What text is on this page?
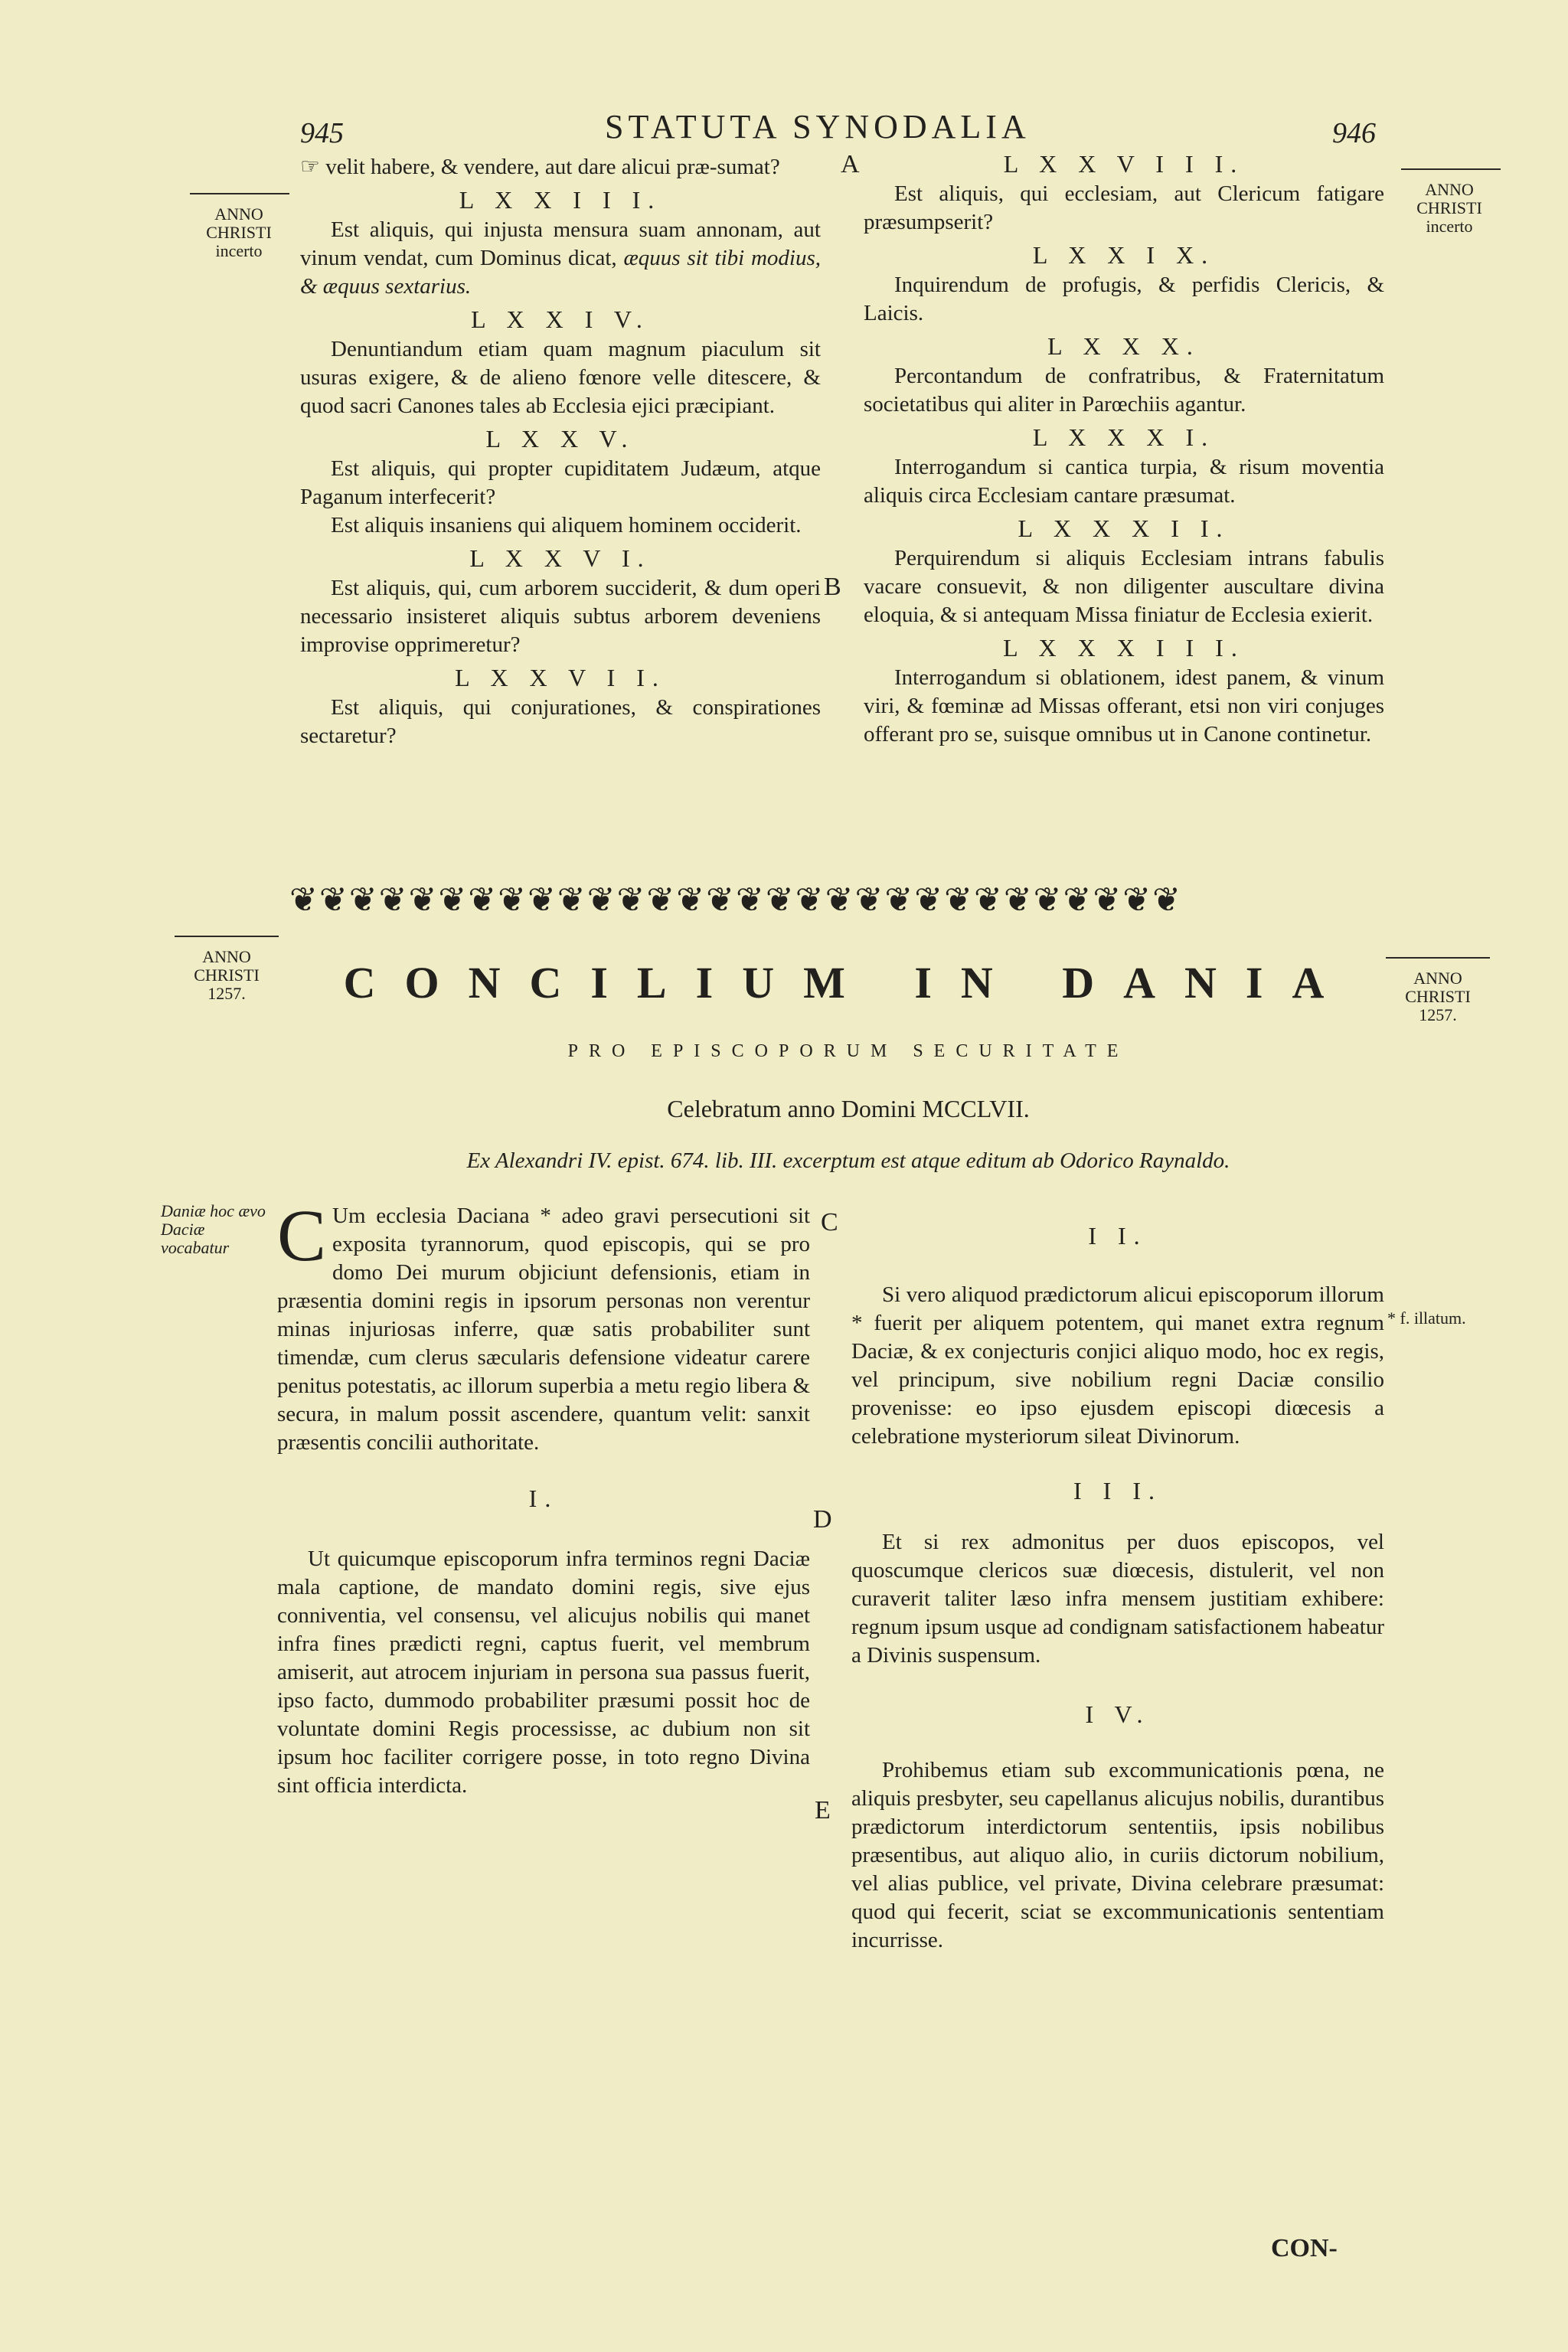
945	STATUTA SYNODALIA	946
ANNO CHRISTI incerto
ANNO CHRISTI incerto
A
B
C
D
E

☞ velit habere, & vendere, aut dare alicui præ-sumat?

L X X I I I.

Est aliquis, qui injusta mensura suam annonam, aut vinum vendat, cum Dominus dicat, æquus sit tibi modius, & æquus sextarius.

L X X I V.

Denuntiandum etiam quam magnum piaculum sit usuras exigere, & de alieno fœnore velle ditescere, & quod sacri Canones tales ab Ecclesia ejici præcipiant.

L X X V.

Est aliquis, qui propter cupiditatem Judæum, atque Paganum interfecerit?

Est aliquis insaniens qui aliquem hominem occiderit.

L X X V I.

Est aliquis, qui, cum arborem succiderit, & dum operi necessario insisteret aliquis subtus arborem deveniens improvise opprimeretur?

L X X V I I.

Est aliquis, qui conjurationes, & conspirationes sectaretur?

L X X V I I I.

Est aliquis, qui ecclesiam, aut Clericum fatigare præsumpserit?

L X X I X.

Inquirendum de profugis, & perfidis Clericis, & Laicis.

L X X X.

Percontandum de confratribus, & Fraternitatum societatibus qui aliter in Parœchiis agantur.

L X X X I.

Interrogandum si cantica turpia, & risum moventia aliquis circa Ecclesiam cantare præsumat.

L X X X I I.

Perquirendum si aliquis Ecclesiam intrans fabulis vacare consuevit, & non diligenter auscultare divina eloquia, & si antequam Missa finiatur de Ecclesia exierit.

L X X X I I I.

Interrogandum si oblationem, idest panem, & vinum viri, & fœminæ ad Missas offerant, etsi non viri conjuges offerant pro se, suisque omnibus ut in Canone continetur.

❦❦❦❦❦❦❦❦❦❦❦❦❦❦❦❦❦❦❦❦❦❦❦❦❦❦❦❦❦❦
ANNO CHRISTI 1257.
ANNO CHRISTI 1257.
CONCILIUM IN DANIA
PRO EPISCOPORUM SECURITATE
Celebratum anno Domini MCCLVII.
Ex Alexandri IV. epist. 674. lib. III. excerptum est atque editum ab Odorico Raynaldo.
Daniæ hoc ævo Daciæ vocabatur
* f. illatum.

C Um ecclesia Daciana * adeo gravi persecutioni sit exposita tyrannorum, quod episcopis, qui se pro domo Dei murum objiciunt defensionis, etiam in præsentia domini regis in ipsorum personas non verentur minas injuriosas inferre, quæ satis probabiliter sunt timendæ, cum clerus sæcularis defensione videatur carere penitus potestatis, ac illorum superbia a metu regio libera & secura, in malum possit ascendere, quantum velit: sanxit præsentis concilii authoritate.

I.

Ut quicumque episcoporum infra terminos regni Daciæ mala captione, de mandato domini regis, sive ejus conniventia, vel consensu, vel alicujus nobilis qui manet infra fines prædicti regni, captus fuerit, vel membrum amiserit, aut atrocem injuriam in persona sua passus fuerit, ipso facto, dummodo probabiliter præsumi possit hoc de voluntate domini Regis processisse, ac dubium non sit ipsum hoc faciliter corrigere posse, in toto regno Divina sint officia interdicta.

I I.

Si vero aliquod prædictorum alicui episcoporum illorum * fuerit per aliquem potentem, qui manet extra regnum Daciæ, & ex conjecturis conjici aliquo modo, hoc ex regis, vel principum, sive nobilium regni Daciæ consilio provenisse: eo ipso ejusdem episcopi diœcesis a celebratione mysteriorum sileat Divinorum.

I I I.

Et si rex admonitus per duos episcopos, vel quoscumque clericos suæ diœcesis, distulerit, vel non curaverit taliter læso infra mensem justitiam exhibere: regnum ipsum usque ad condignam satisfactionem habeatur a Divinis suspensum.

I V.

Prohibemus etiam sub excommunicationis pœna, ne aliquis presbyter, seu capellanus alicujus nobilis, durantibus prædictorum interdictorum sententiis, ipsis nobilibus præsentibus, aut aliquo alio, in curiis dictorum nobilium, vel alias publice, vel private, Divina celebrare præsumat: quod qui fecerit, sciat se excommunicationis sententiam incurrisse.

CON-
